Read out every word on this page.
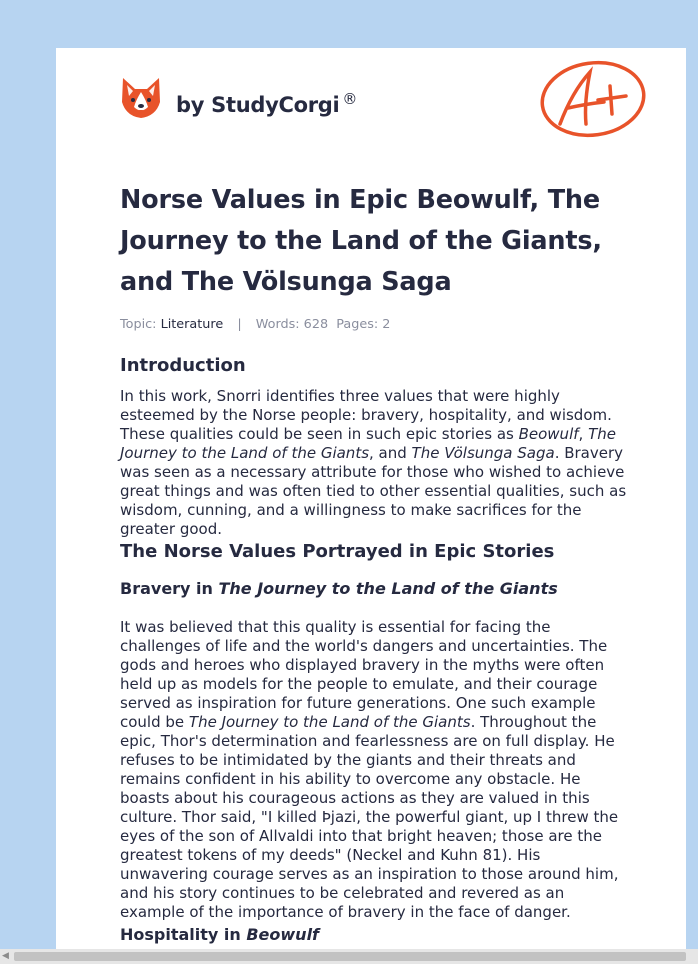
by StudyCorgi ®
Norse Values in Epic Beowulf, The Journey to the Land of the Giants, and The Völsunga Saga
Topic: Literature | Words: 628 Pages: 2
Introduction

In this work, Snorri identifies three values that were highly esteemed by the Norse people: bravery, hospitality, and wisdom. These qualities could be seen in such epic stories as Beowulf, The Journey to the Land of the Giants, and The Völsunga Saga. Bravery was seen as a necessary attribute for those who wished to achieve great things and was often tied to other essential qualities, such as wisdom, cunning, and a willingness to make sacrifices for the greater good.

The Norse Values Portrayed in Epic Stories
Bravery in The Journey to the Land of the Giants

It was believed that this quality is essential for facing the challenges of life and the world's dangers and uncertainties. The gods and heroes who displayed bravery in the myths were often held up as models for the people to emulate, and their courage served as inspiration for future generations. One such example could be The Journey to the Land of the Giants. Throughout the epic, Thor's determination and fearlessness are on full display. He refuses to be intimidated by the giants and their threats and remains confident in his ability to overcome any obstacle. He boasts about his courageous actions as they are valued in this culture. Thor said, "I killed Þjazi, the powerful giant, up I threw the eyes of the son of Allvaldi into that bright heaven; those are the greatest tokens of my deeds" (Neckel and Kuhn 81). His unwavering courage serves as an inspiration to those around him, and his story continues to be celebrated and revered as an example of the importance of bravery in the face of danger.

Hospitality in Beowulf
◀
